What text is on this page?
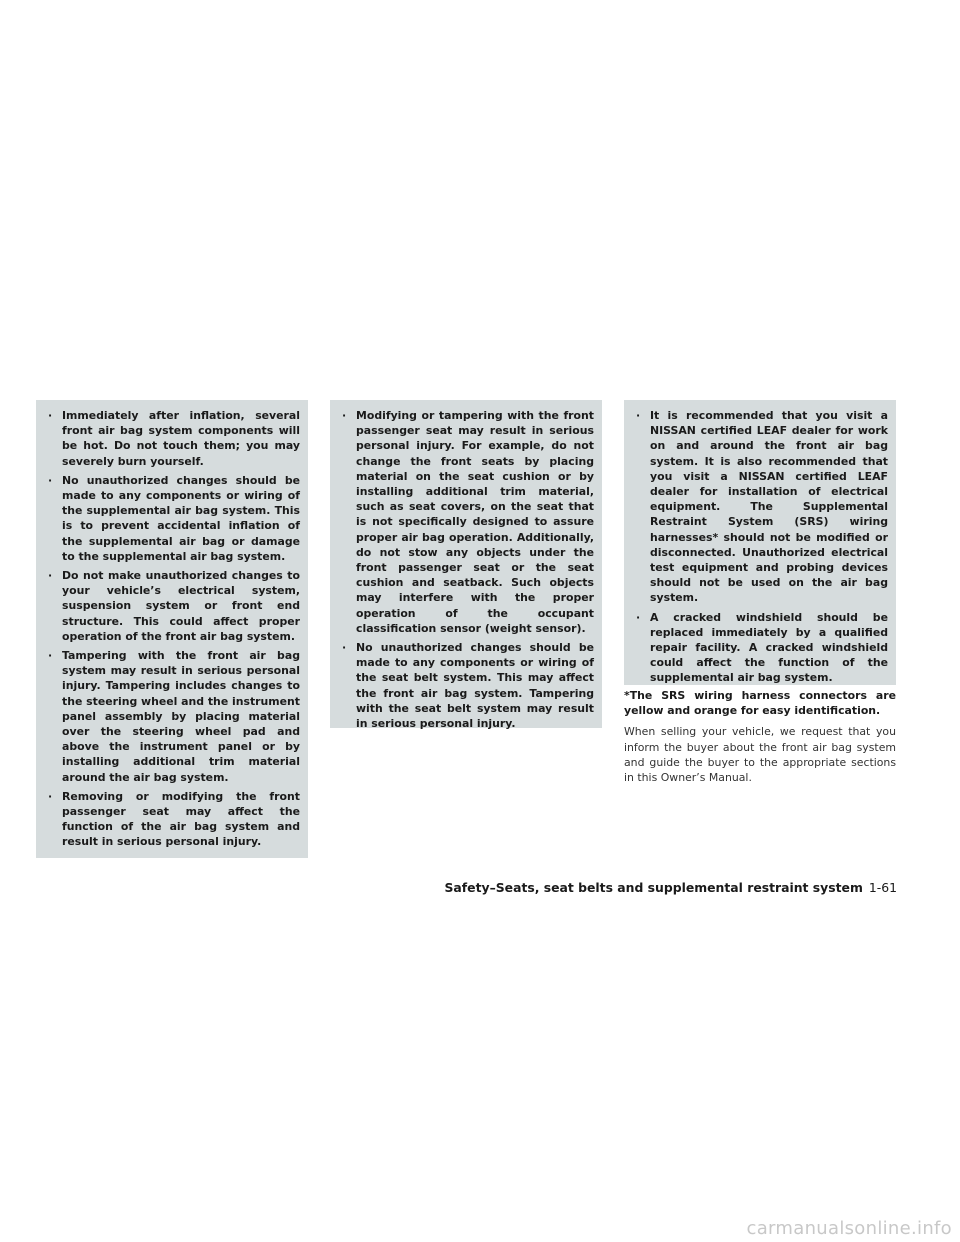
· Immediately after inflation, several front air bag system components will be hot. Do not touch them; you may severely burn yourself.
· No unauthorized changes should be made to any components or wiring of the supplemental air bag system. This is to prevent accidental inflation of the supplemental air bag or damage to the supplemental air bag system.
· Do not make unauthorized changes to your vehicle’s electrical system, suspension system or front end structure. This could affect proper operation of the front air bag system.
· Tampering with the front air bag system may result in serious personal injury. Tampering includes changes to the steering wheel and the instrument panel assembly by placing material over the steering wheel pad and above the instrument panel or by installing additional trim material around the air bag system.
· Removing or modifying the front passenger seat may affect the function of the air bag system and result in serious personal injury.
· Modifying or tampering with the front passenger seat may result in serious personal injury. For example, do not change the front seats by placing material on the seat cushion or by installing additional trim material, such as seat covers, on the seat that is not specifically designed to assure proper air bag operation. Additionally, do not stow any objects under the front passenger seat or the seat cushion and seatback. Such objects may interfere with the proper operation of the occupant classification sensor (weight sensor).
· No unauthorized changes should be made to any components or wiring of the seat belt system. This may affect the front air bag system. Tampering with the seat belt system may result in serious personal injury.
· It is recommended that you visit a NISSAN certified LEAF dealer for work on and around the front air bag system. It is also recommended that you visit a NISSAN certified LEAF dealer for installation of electrical equipment. The Supplemental Restraint System (SRS) wiring harnesses* should not be modified or disconnected. Unauthorized electrical test equipment and probing devices should not be used on the air bag system.
· A cracked windshield should be replaced immediately by a qualified repair facility. A cracked windshield could affect the function of the supplemental air bag system.

*The SRS wiring harness connectors are yellow and orange for easy identification.

When selling your vehicle, we request that you inform the buyer about the front air bag system and guide the buyer to the appropriate sections in this Owner’s Manual.

Safety–Seats, seat belts and supplemental restraint system 1-61
carmanualsonline.info
